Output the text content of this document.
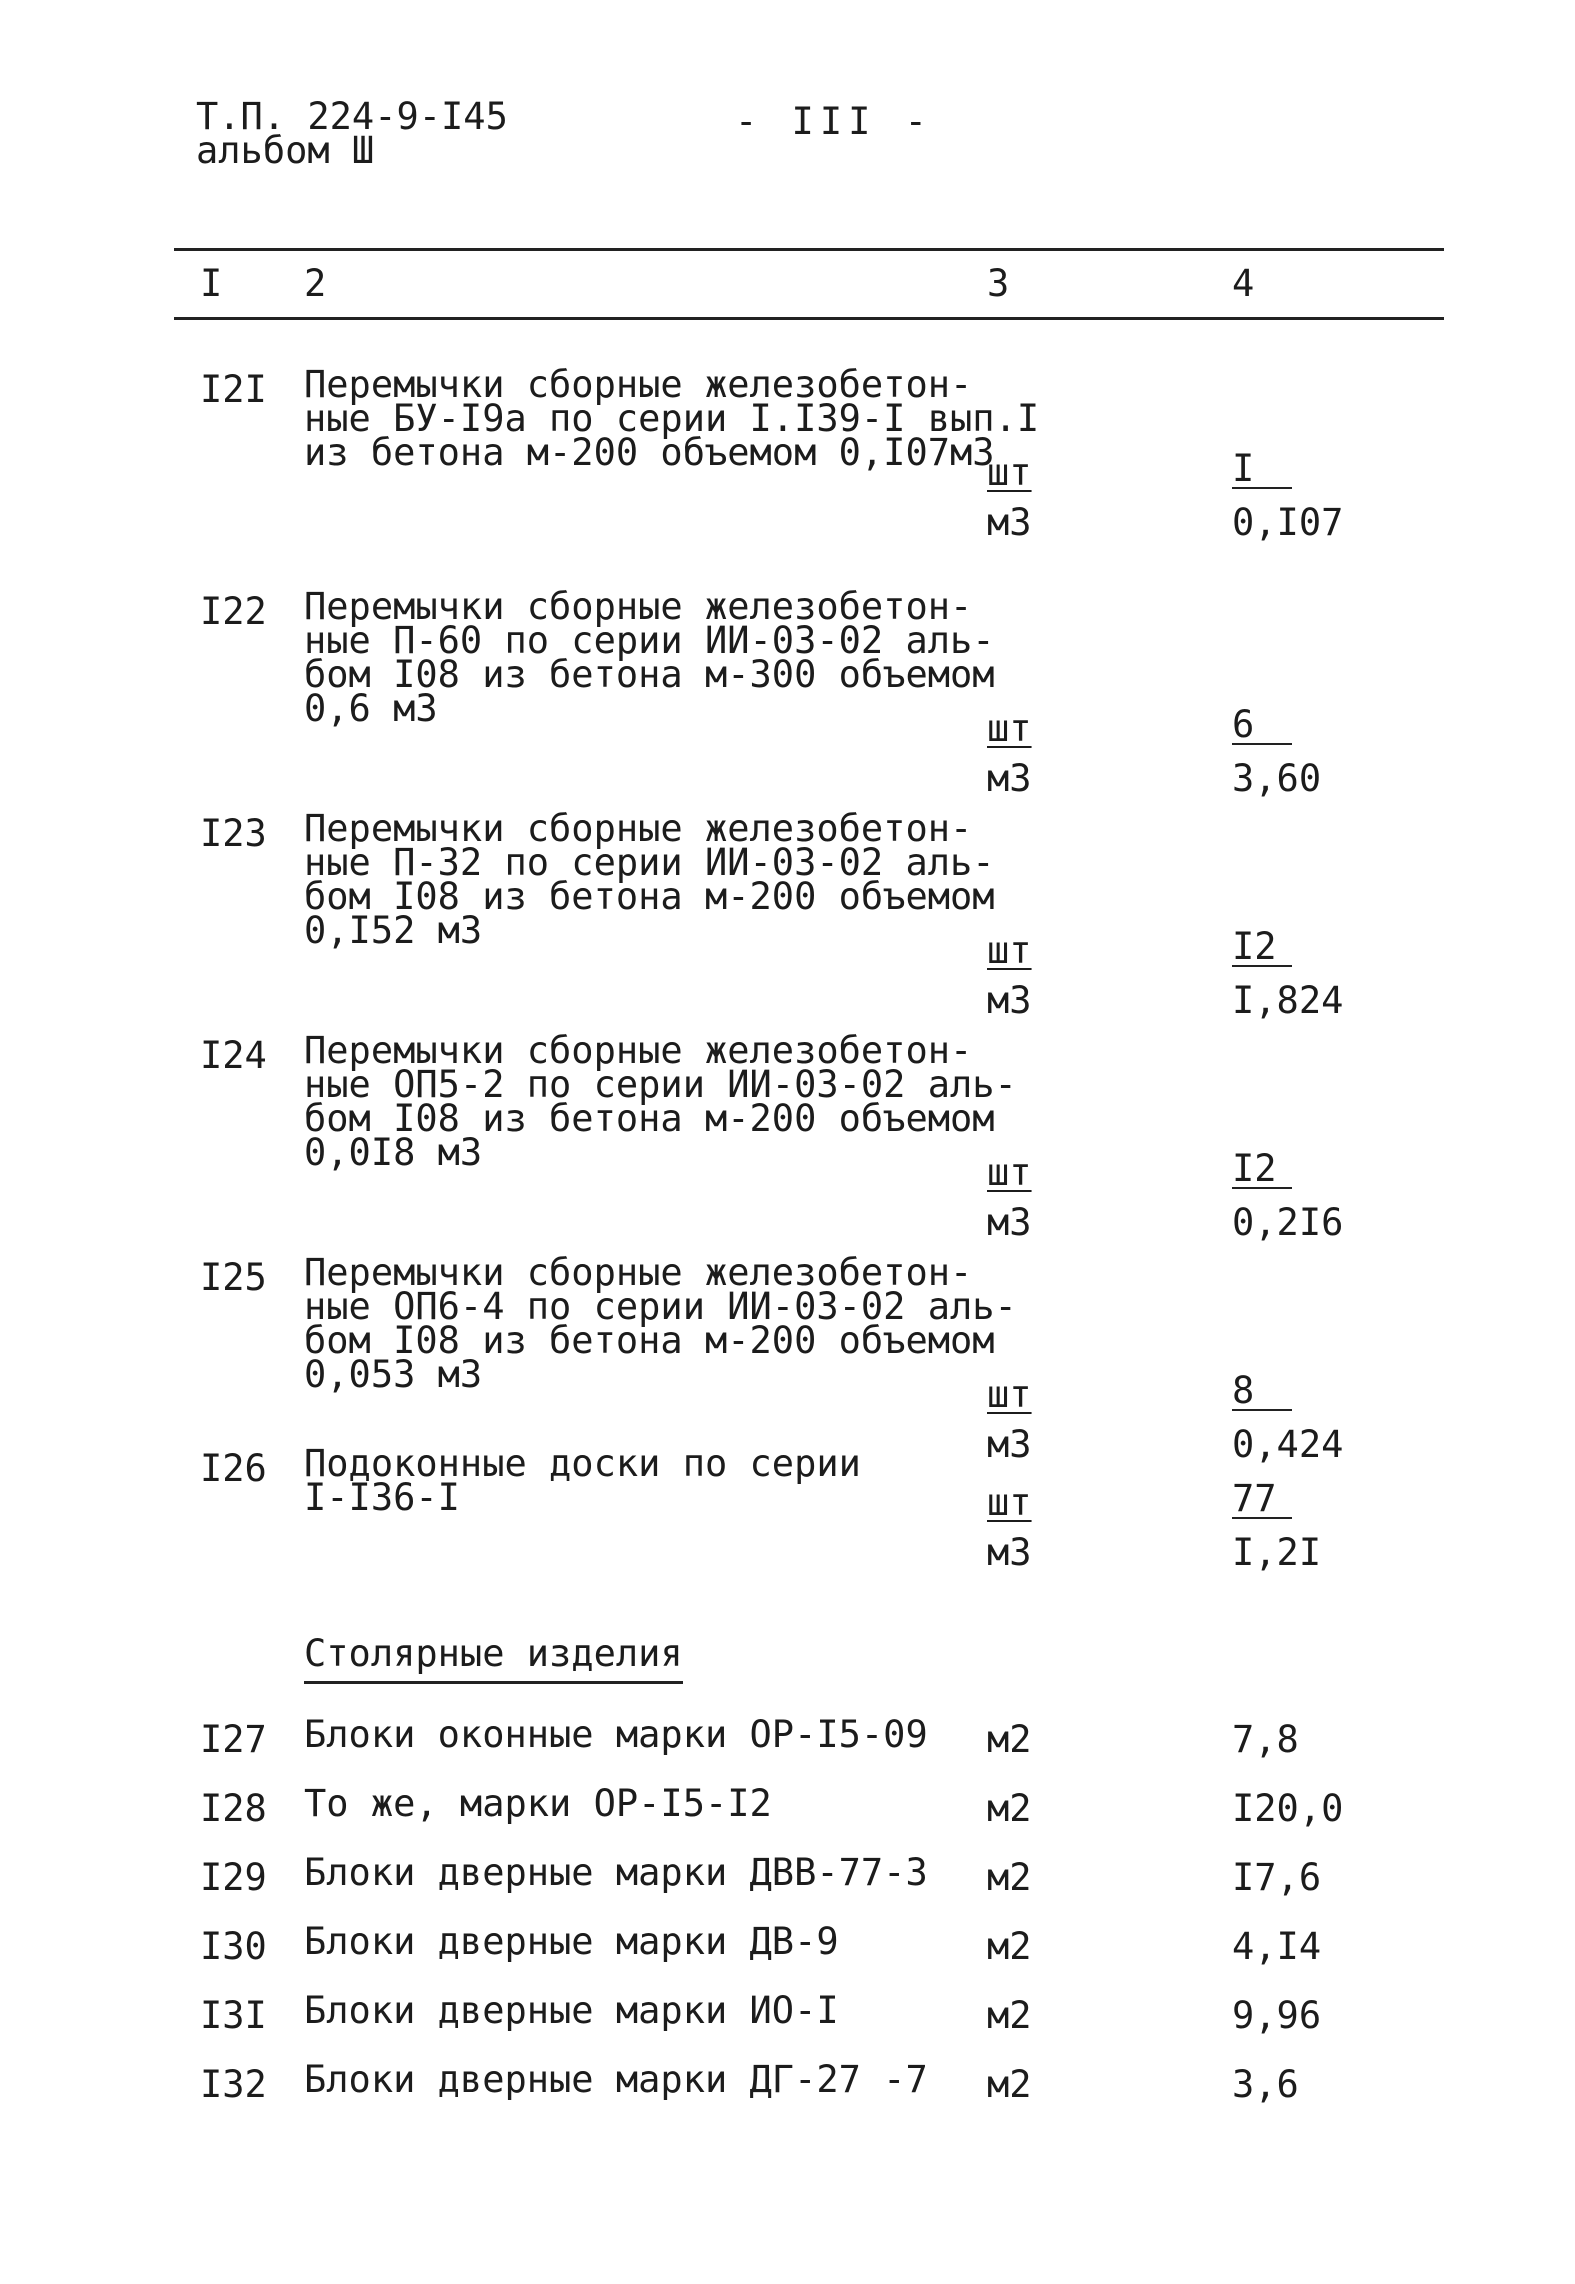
Т.П. 224-9-I45
альбом Ш
- III -
I 2	3	4
I2I Перемычки сборные железобетон-
ные БУ-I9а по серии I.I39-I вып.I
из бетона м-200 объемом 0,I07м3
шт	I
м3	0,I07
I22 Перемычки сборные железобетон-
ные П-60 по серии ИИ-03-02 аль-
бом I08 из бетона м-300 объемом
0,6 м3	шт	6
м3	3,60
I23 Перемычки сборные железобетон-
ные П-32 по серии ИИ-03-02 аль-
бом I08 из бетона м-200 объемом
0,I52 м3	шт	I2
м3	I,824
I24 Перемычки сборные железобетон-
ные ОП5-2 по серии ИИ-03-02 аль-
бом I08 из бетона м-200 объемом
0,0I8 м3	шт	I2
м3	0,2I6
I25 Перемычки сборные железобетон-
ные ОП6-4 по серии ИИ-03-02 аль-
бом I08 из бетона м-200 объемом
0,053 м3	шт	8
м3	0,424
I26 Подоконные доски по серии
I-I36-I	шт	77
м3	I,2I
Столярные изделия
I27 Блоки оконные марки ОР-I5-09 м2	7,8
I28 То же, марки ОР-I5-I2	м2	I20,0
I29 Блоки дверные марки ДВВ-77-3 м2	I7,6
I30 Блоки дверные марки ДВ-9	м2	4,I4
I3I Блоки дверные марки ИО-I	м2	9,96
I32 Блоки дверные марки ДГ-27 -7 м2	3,6
